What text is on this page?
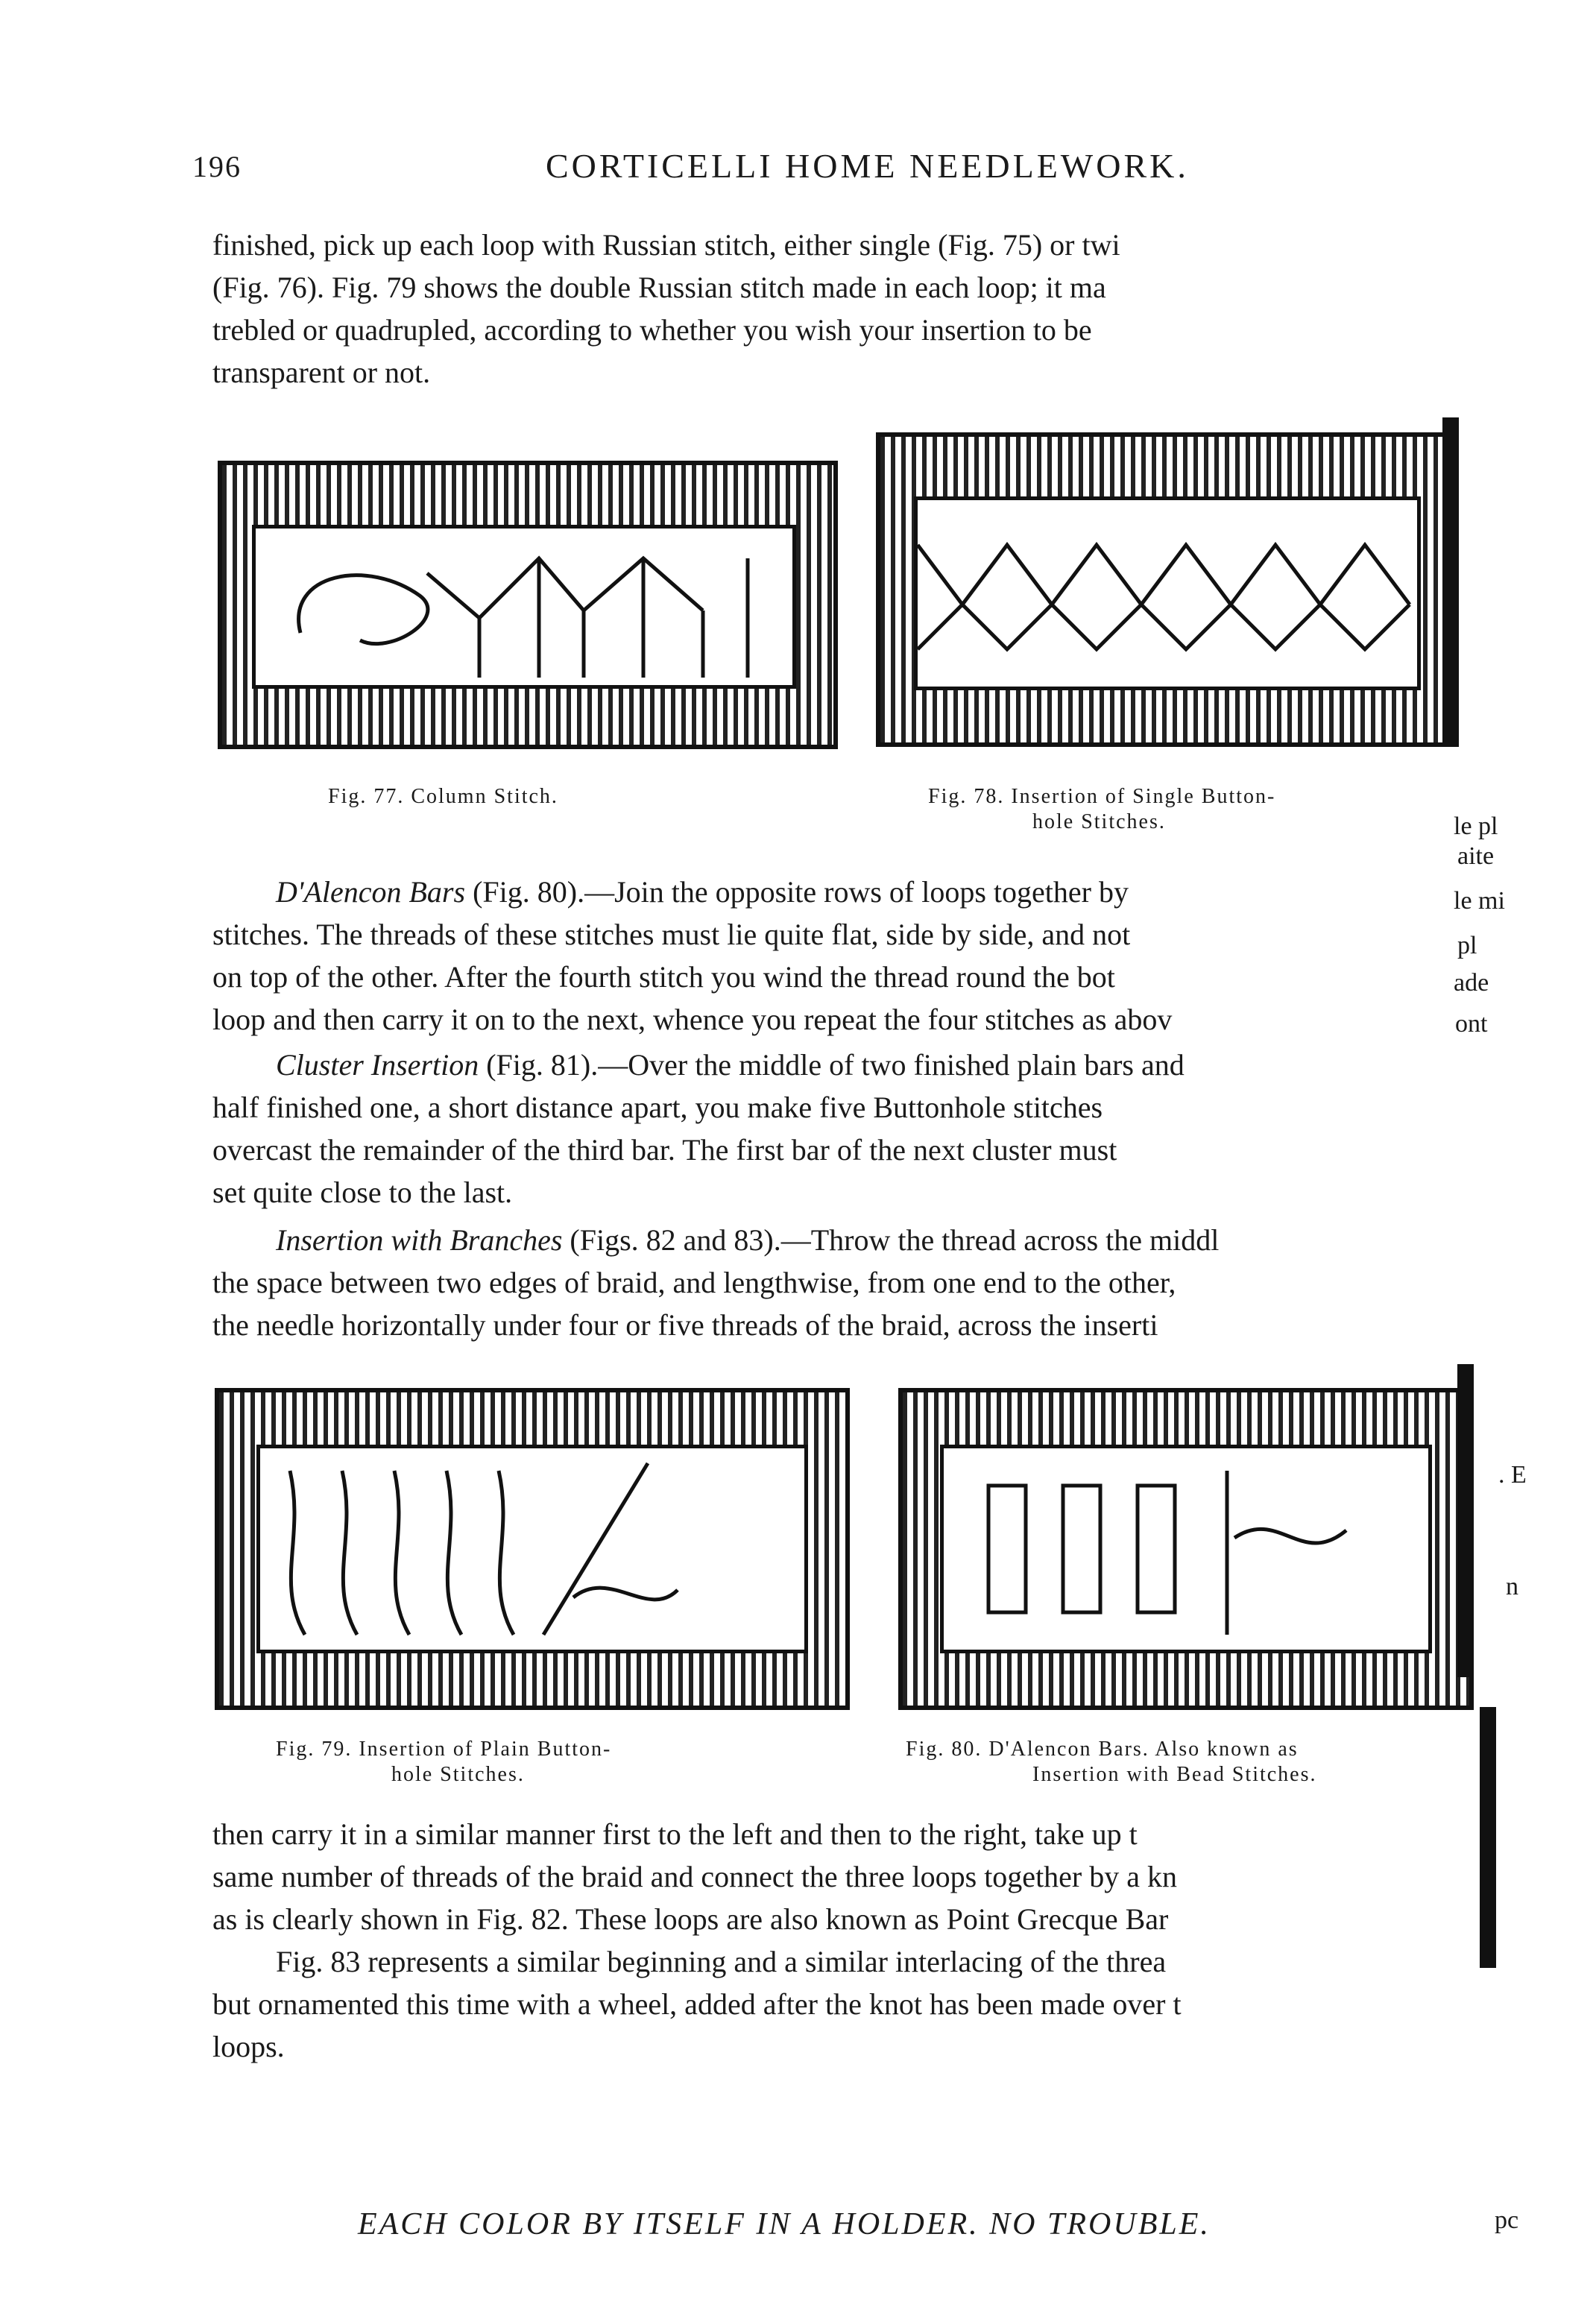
196	CORTICELLI HOME NEEDLEWORK.

finished, pick up each loop with Russian stitch, either single (Fig. 75) or twi

(Fig. 76). Fig. 79 shows the double Russian stitch made in each loop; it ma

trebled or quadrupled, according to whether you wish your insertion to be

transparent or not.

Fig. 77. Column Stitch.	Fig. 78. Insertion of Single Button-
hole Stitches.

D'Alencon Bars (Fig. 80).—Join the opposite rows of loops together by

stitches. The threads of these stitches must lie quite flat, side by side, and not

on top of the other. After the fourth stitch you wind the thread round the bot

loop and then carry it on to the next, whence you repeat the four stitches as abov

Cluster Insertion (Fig. 81).—Over the middle of two finished plain bars and

half finished one, a short distance apart, you make five Buttonhole stitches

overcast the remainder of the third bar. The first bar of the next cluster must

set quite close to the last.

Insertion with Branches (Figs. 82 and 83).—Throw the thread across the middl

the space between two edges of braid, and lengthwise, from one end to the other,

the needle horizontally under four or five threads of the braid, across the inserti

Fig. 79. Insertion of Plain Button-
hole Stitches.
Fig. 80. D'Alencon Bars. Also known as
Insertion with Bead Stitches.

then carry it in a similar manner first to the left and then to the right, take up t

same number of threads of the braid and connect the three loops together by a kn

as is clearly shown in Fig. 82. These loops are also known as Point Grecque Bar

Fig. 83 represents a similar beginning and a similar interlacing of the threa

but ornamented this time with a wheel, added after the knot has been made over t

loops.

EACH COLOR BY ITSELF IN A HOLDER. NO TROUBLE.
le pl
aite
le mi
pl
ade
ont
. E
n
pc
